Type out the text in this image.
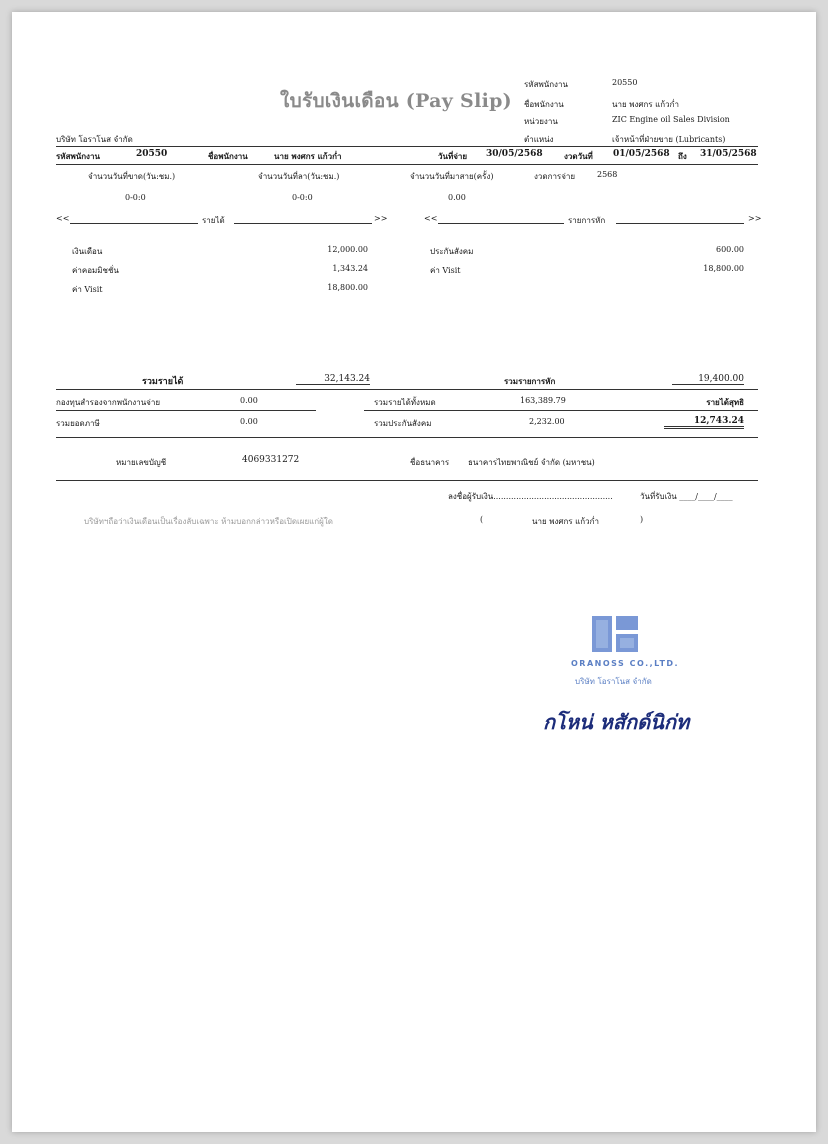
ใบรับเงินเดือน (Pay Slip)
รหัสพนักงาน	20550
ชื่อพนักงาน	นาย พงศกร แก้วก่ำ
หน่วยงาน	ZIC Engine oil Sales Division
ตำแหน่ง	เจ้าหน้าที่ฝ่ายขาย (Lubricants)
บริษัท โอราโนส จำกัด
รหัสพนักงาน	20550	ชื่อพนักงาน	นาย พงศกร แก้วก่ำ	วันที่จ่าย 30/05/2568	งวดวันที่ 01/05/2568 ถึง 31/05/2568
จำนวนวันที่ขาด(วัน:ชม.)
0-0:0
จำนวนวันที่ลา(วัน:ชม.)
0-0:0
จำนวนวันที่มาสาย(ครั้ง)
0.00
งวดการจ่าย	2568
<<	รายได้	>>	<<	รายการหัก	>>
เงินเดือน	12,000.00
ค่าคอมมิชชั่น	1,343.24
ค่า Visit	18,800.00
ประกันสังคม	600.00
ค่า Visit	18,800.00
รวมรายได้	32,143.24	รวมรายการหัก	19,400.00
กองทุนสำรองจากพนักงานจ่าย	0.00	รวมรายได้ทั้งหมด	163,389.79	รายได้สุทธิ
รวมยอดภาษี	0.00	รวมประกันสังคม	2,232.00	12,743.24
หมายเลขบัญชี	4069331272	ชื่อธนาคาร ธนาคารไทยพาณิชย์ จำกัด (มหาชน)
ลงชื่อผู้รับเงิน...............................................	วันที่รับเงิน ____/____/____
บริษัทฯถือว่าเงินเดือนเป็นเรื่องลับเฉพาะ ห้ามบอกกล่าวหรือเปิดเผยแก่ผู้ใด	(	นาย พงศกร แก้วก่ำ	)
ORANOSS CO.,LTD.
บริษัท โอราโนส จำกัด
กโหน่ หสักด์นิก่ท
